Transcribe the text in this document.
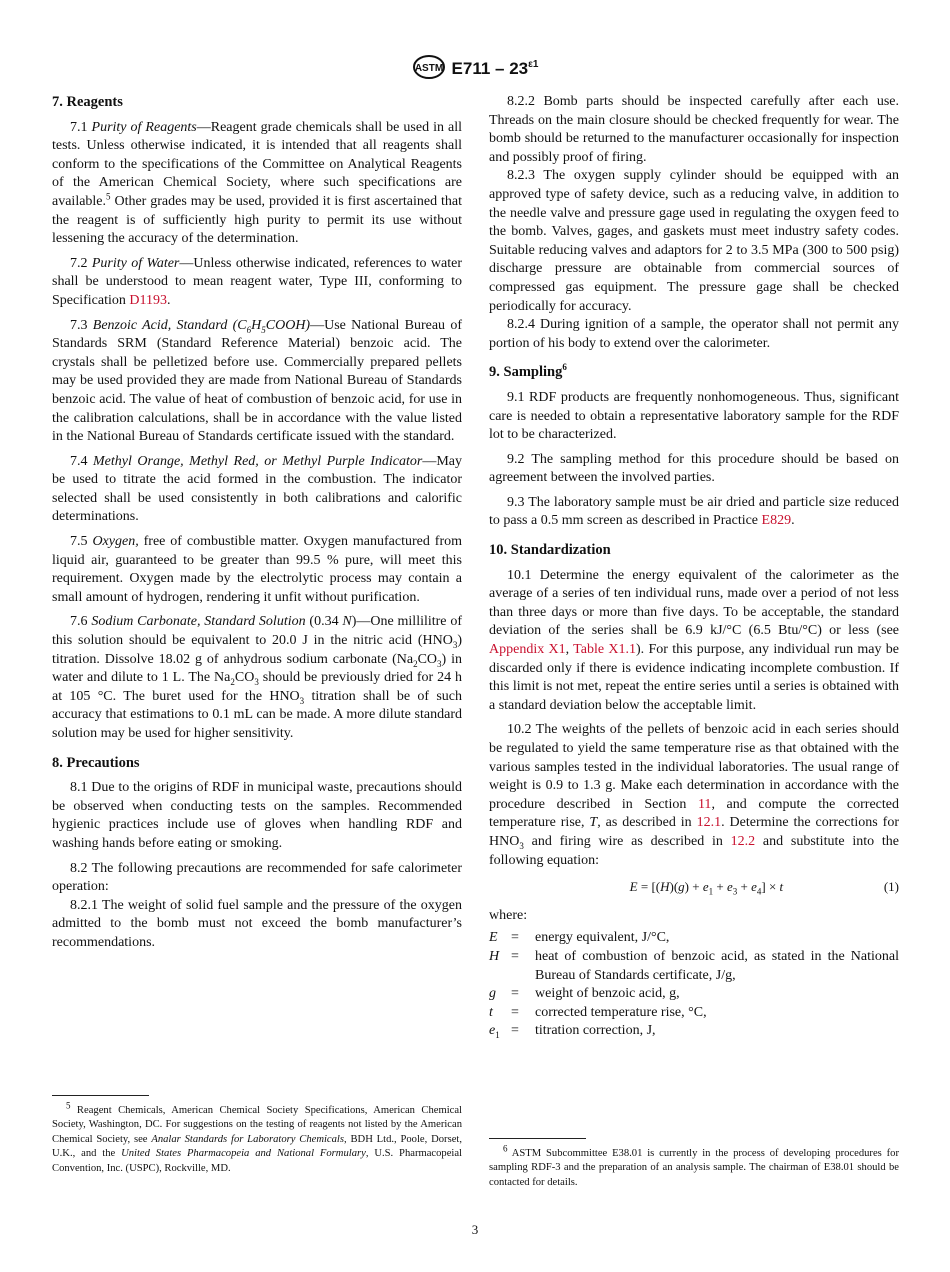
ASTM $E711 - 23^{\varepsilon 1}$
7. Reagents
7.1 Purity of Reagents—Reagent grade chemicals shall be used in all tests. Unless otherwise indicated, it is intended that all reagents shall conform to the specifications of the Committee on Analytical Reagents of the American Chemical Society, where such specifications are available.$^5$ Other grades may be used, provided it is first ascertained that the reagent is of sufficiently high purity to permit its use without lessening the accuracy of the determination.
7.2 Purity of Water—Unless otherwise indicated, references to water shall be understood to mean reagent water, Type III, conforming to Specification D1193.
7.3 Benzoic Acid, Standard $(C_6H_5COOH)—Use$ National Bureau of Standards SRM (Standard Reference Material) benzoic acid. The crystals shall be pelletized before use. Commercially prepared pellets may be used provided they are made from National Bureau of Standards benzoic acid. The value of heat of combustion of benzoic acid, for use in the calibration calculations, shall be in accordance with the value listed in the National Bureau of Standards certificate issued with the standard.
7.4 Methyl Orange, Methyl Red, or Methyl Purple Indicator—May be used to titrate the acid formed in the combustion. The indicator selected shall be used consistently in both calibrations and calorific determinations.
7.5 Oxygen, free of combustible matter. Oxygen manufactured from liquid air, guaranteed to be greater than 99.5 % pure, will meet this requirement. Oxygen made by the electrolytic process may contain a small amount of hydrogen, rendering it unfit without purification.
7.6 Sodium Carbonate, Standard Solution (0.34 N)—One millilitre of this solution should be equivalent to 20.0 J in the nitric acid $(HNO_3)$ titration. Dissolve 18.02 g of anhydrous sodium carbonate $(Na_2CO_3)$ in water and dilute to 1 L. The $Na_2CO_3$ should be previously dried for 24 h at 105 °C. The buret used for the $HNO_3$ titration shall be of such accuracy that estimations to 0.1 mL can be made. A more dilute standard solution may be used for higher sensitivity.
8. Precautions
8.1 Due to the origins of RDF in municipal waste, precautions should be observed when conducting tests on the samples. Recommended hygienic practices include use of gloves when handling RDF and washing hands before eating or smoking.
8.2 The following precautions are recommended for safe calorimeter operation:
8.2.1 The weight of solid fuel sample and the pressure of the oxygen admitted to the bomb must not exceed the bomb manufacturer’s recommendations.
8.2.2 Bomb parts should be inspected carefully after each use. Threads on the main closure should be checked frequently for wear. The bomb should be returned to the manufacturer occasionally for inspection and possibly proof of firing.
8.2.3 The oxygen supply cylinder should be equipped with an approved type of safety device, such as a reducing valve, in addition to the needle valve and pressure gage used in regulating the oxygen feed to the bomb. Valves, gages, and gaskets must meet industry safety codes. Suitable reducing valves and adaptors for 2 to 3.5 MPa (300 to 500 psig) discharge pressure are obtainable from commercial sources of compressed gas equipment. The pressure gage shall be checked periodically for accuracy.
8.2.4 During ignition of a sample, the operator shall not permit any portion of his body to extend over the calorimeter.
9. Sampling$^6$
9.1 RDF products are frequently nonhomogeneous. Thus, significant care is needed to obtain a representative laboratory sample for the RDF lot to be characterized.
9.2 The sampling method for this procedure should be based on agreement between the involved parties.
9.3 The laboratory sample must be air dried and particle size reduced to pass a 0.5 mm screen as described in Practice E829.
10. Standardization
10.1 Determine the energy equivalent of the calorimeter as the average of a series of ten individual runs, made over a period of not less than three days or more than five days. To be acceptable, the standard deviation of the series shall be 6.9 kJ/°C (6.5 Btu/°C) or less (see Appendix X1, Table X1.1). For this purpose, any individual run may be discarded only if there is evidence indicating incomplete combustion. If this limit is not met, repeat the entire series until a series is obtained with a standard deviation below the acceptable limit.
10.2 The weights of the pellets of benzoic acid in each series should be regulated to yield the same temperature rise as that obtained with the various samples tested in the individual laboratories. The usual range of weight is 0.9 to 1.3 g. Make each determination in accordance with the procedure described in Section 11, and compute the corrected temperature rise, T, as described in 12.1. Determine the corrections for $HNO_3$ and firing wire as described in 12.2 and substitute into the following equation:
$E = [(H)(g) + e_1 + e_3 + e_4] \times t$	(1)
where:
E =	energy equivalent, J/°C,
H =	heat of combustion of benzoic acid, as stated in the National Bureau of Standards certificate, J/g,
g	=	weight of benzoic acid, g,
t	=	corrected temperature rise, °C,
$e_1$ =	titration correction, J,
$^5$ Reagent Chemicals, American Chemical Society Specifications, American Chemical Society, Washington, DC. For suggestions on the testing of reagents not listed by the American Chemical Society, see Analar Standards for Laboratory Chemicals, BDH Ltd., Poole, Dorset, U.K., and the United States Pharmacopeia and National Formulary, U.S. Pharmacopeial Convention, Inc. (USPC), Rockville, MD.
$^6$ ASTM Subcommittee E38.01 is currently in the process of developing procedures for sampling RDF-3 and the preparation of an analysis sample. The chairman of E38.01 should be contacted for details.
3
